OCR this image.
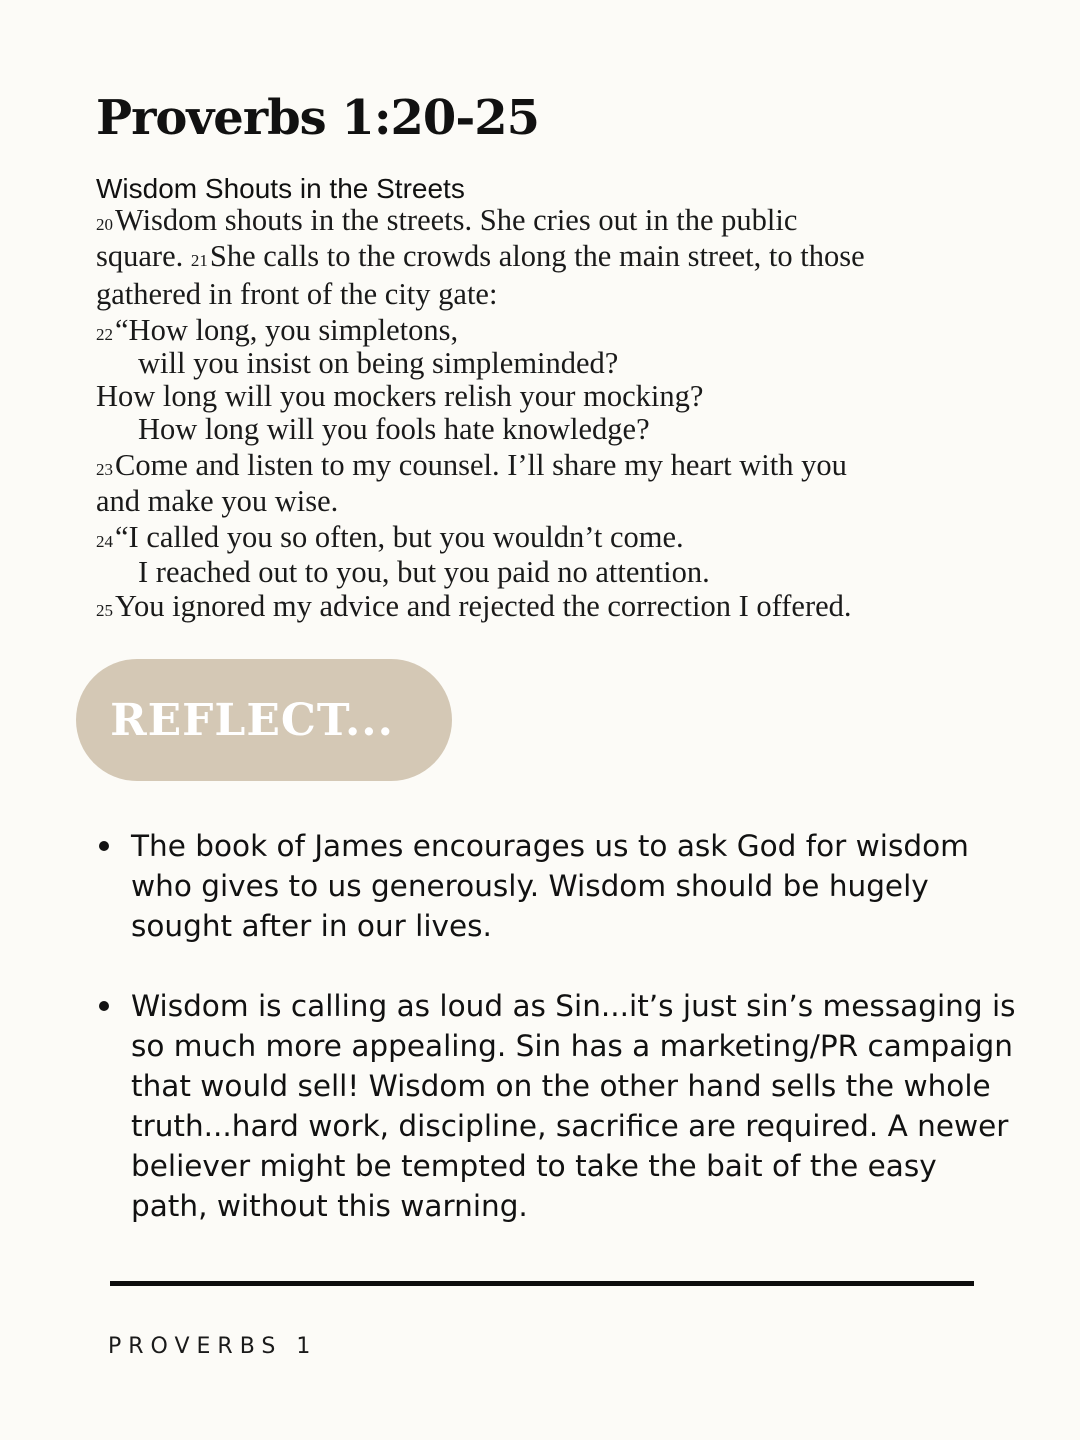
Proverbs 1:20-25
Wisdom Shouts in the Streets
20Wisdom shouts in the streets. She cries out in the public
square. 21She calls to the crowds along the main street, to those
gathered in front of the city gate:
22“How long, you simpletons,
will you insist on being simpleminded?
How long will you mockers relish your mocking?
How long will you fools hate knowledge?
23Come and listen to my counsel. I’ll share my heart with you
and make you wise.
24“I called you so often, but you wouldn’t come.
I reached out to you, but you paid no attention.
25You ignored my advice and rejected the correction I offered.
REFLECT...
The book of James encourages us to ask God for wisdom who gives to us generously. Wisdom should be hugely sought after in our lives.
Wisdom is calling as loud as Sin...it’s just sin’s messaging is so much more appealing. Sin has a marketing/PR campaign that would sell! Wisdom on the other hand sells the whole truth...hard work, discipline, sacrifice are required. A newer believer might be tempted to take the bait of the easy path, without this warning.
PROVERBS 1
